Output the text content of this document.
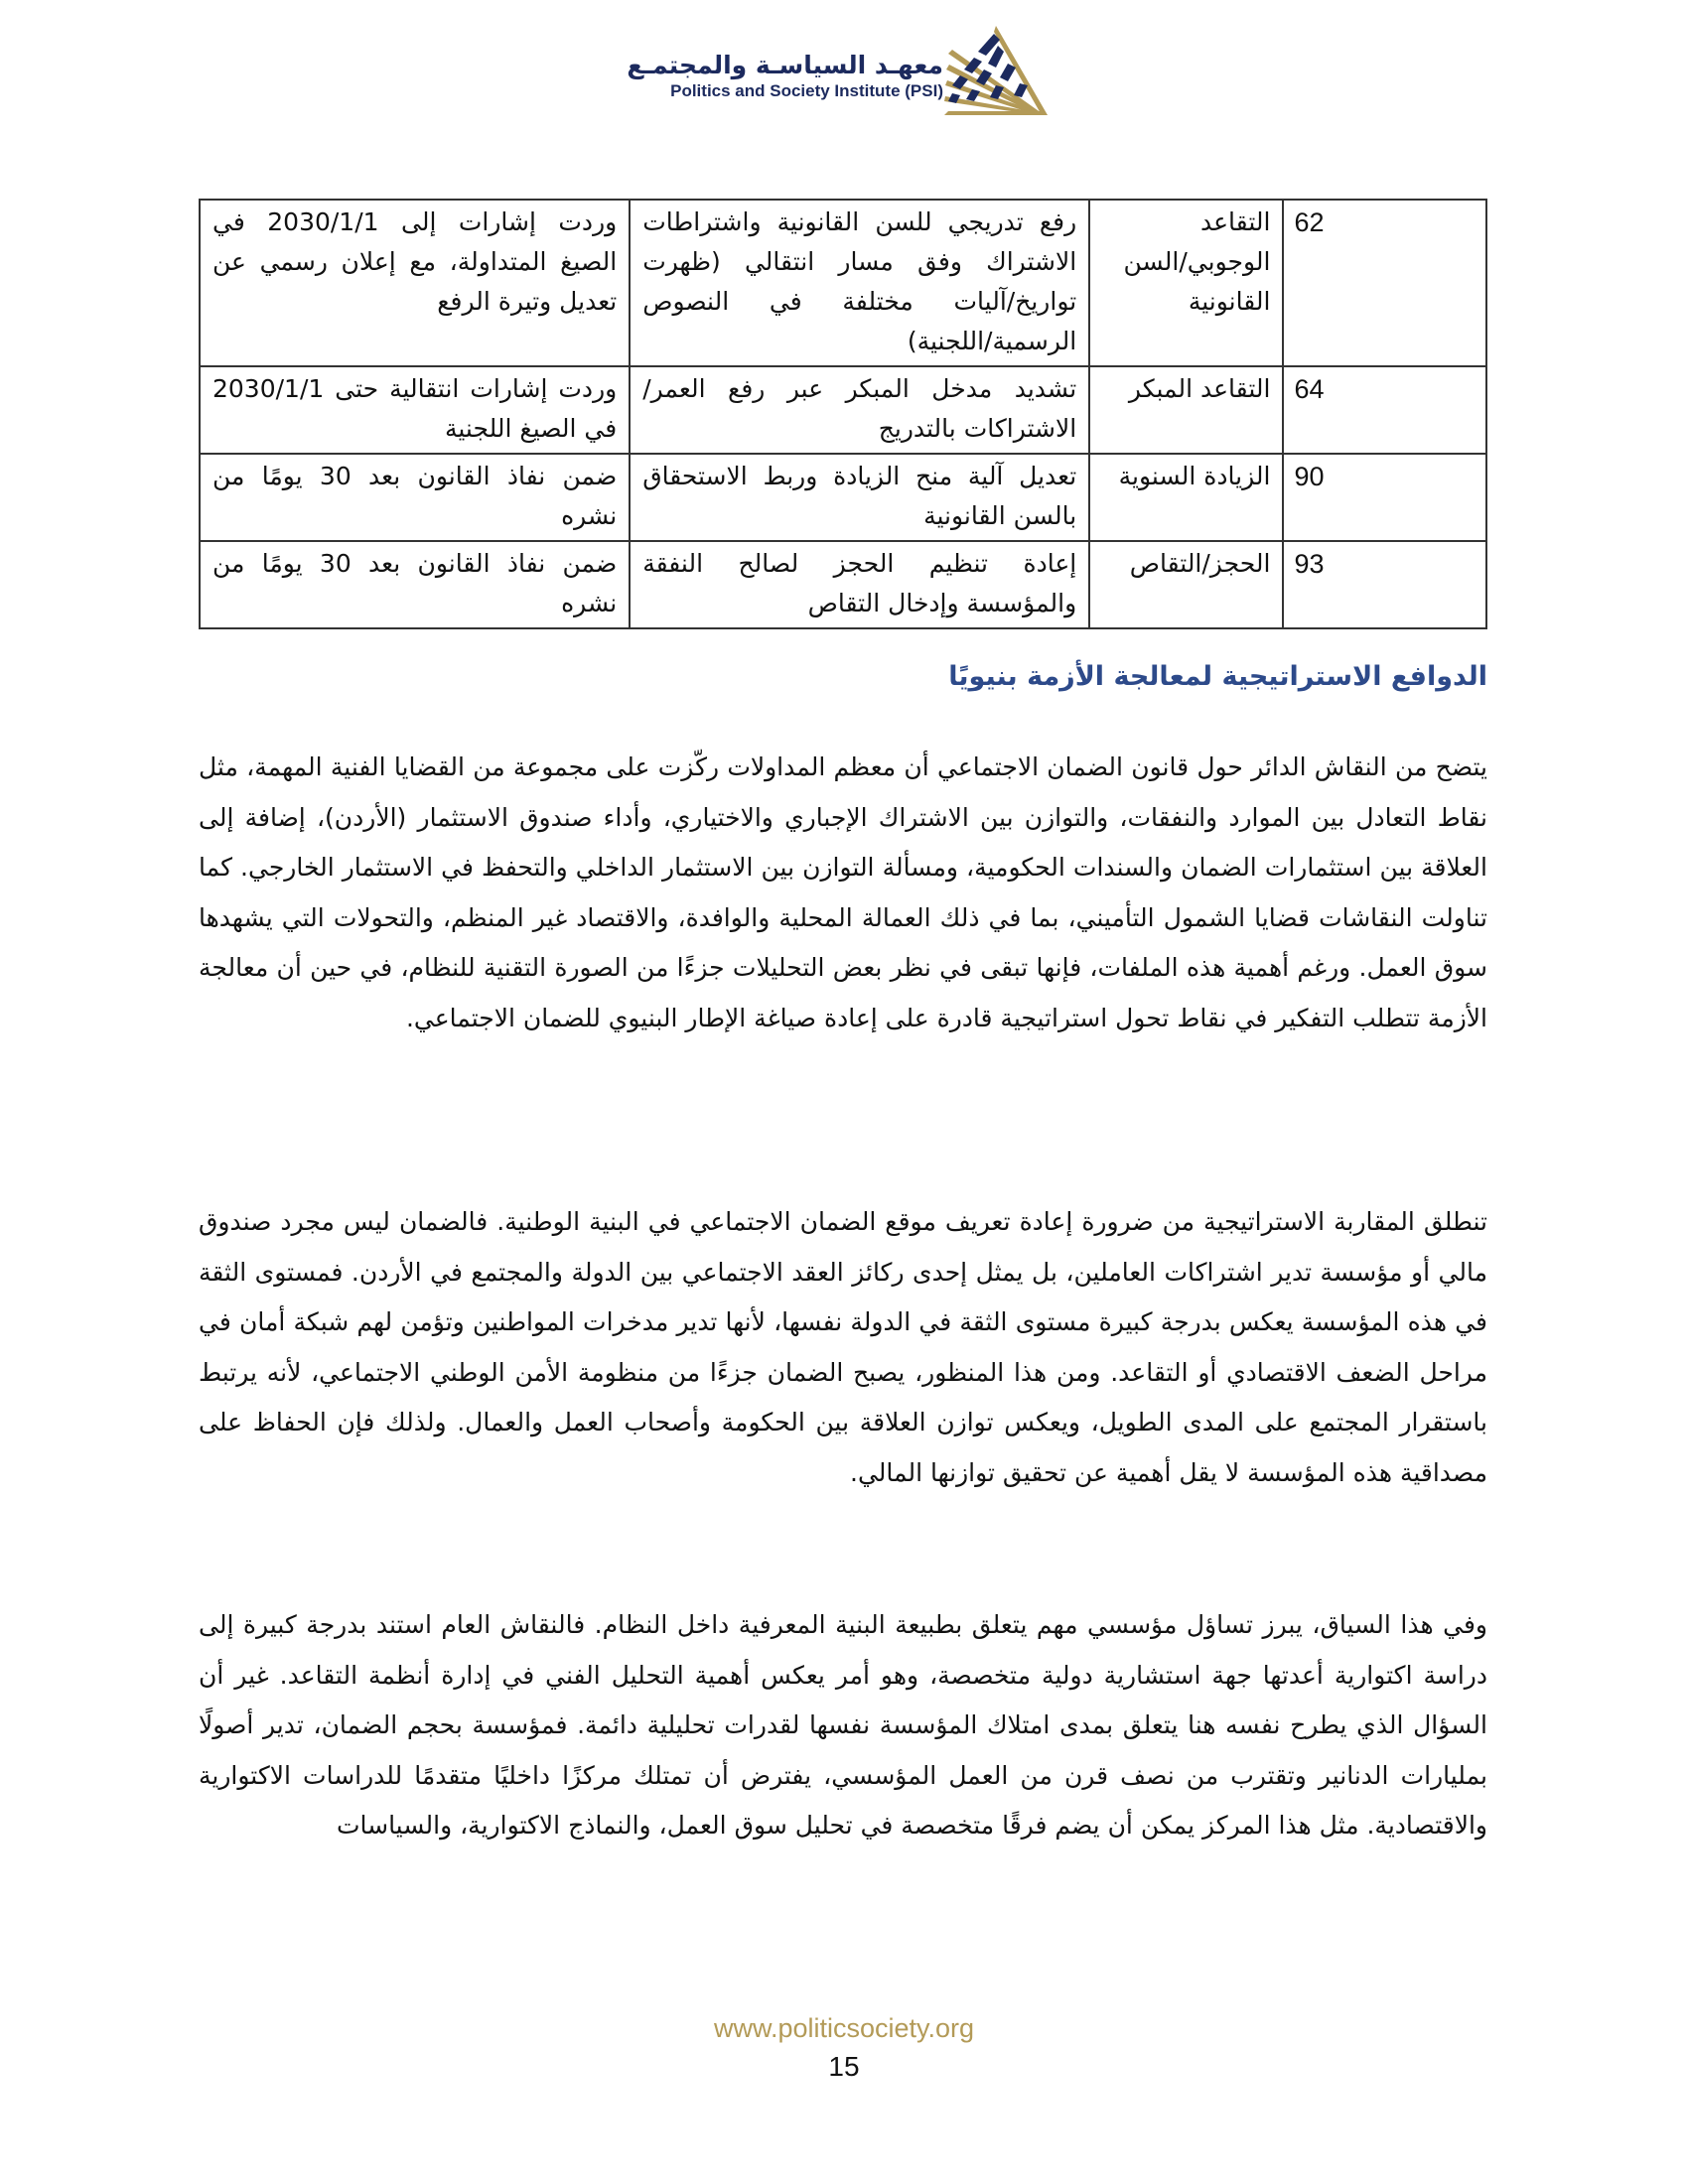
معهـد السياسـة والمجتمـع
Politics and Society Institute (PSI)
62	التقاعد الوجوبي/السن القانونية	رفع تدريجي للسن القانونية واشتراطات الاشتراك وفق مسار انتقالي (ظهرت تواريخ/آليات مختلفة في النصوص الرسمية/اللجنية)	وردت إشارات إلى 2030/1/1 في الصيغ المتداولة، مع إعلان رسمي عن تعديل وتيرة الرفع
64	التقاعد المبكر	تشديد مدخل المبكر عبر رفع العمر/الاشتراكات بالتدريج	وردت إشارات انتقالية حتى 2030/1/1 في الصيغ اللجنية
90	الزيادة السنوية	تعديل آلية منح الزيادة وربط الاستحقاق بالسن القانونية	ضمن نفاذ القانون بعد 30 يومًا من نشره
93	الحجز/التقاص	إعادة تنظيم الحجز لصالح النفقة والمؤسسة وإدخال التقاص	ضمن نفاذ القانون بعد 30 يومًا من نشره
الدوافع الاستراتيجية لمعالجة الأزمة بنيويًا

يتضح من النقاش الدائر حول قانون الضمان الاجتماعي أن معظم المداولات ركّزت على مجموعة من القضايا الفنية المهمة، مثل نقاط التعادل بين الموارد والنفقات، والتوازن بين الاشتراك الإجباري والاختياري، وأداء صندوق الاستثمار (الأردن)، إضافة إلى العلاقة بين استثمارات الضمان والسندات الحكومية، ومسألة التوازن بين الاستثمار الداخلي والتحفظ في الاستثمار الخارجي. كما تناولت النقاشات قضايا الشمول التأميني، بما في ذلك العمالة المحلية والوافدة، والاقتصاد غير المنظم، والتحولات التي يشهدها سوق العمل. ورغم أهمية هذه الملفات، فإنها تبقى في نظر بعض التحليلات جزءًا من الصورة التقنية للنظام، في حين أن معالجة الأزمة تتطلب التفكير في نقاط تحول استراتيجية قادرة على إعادة صياغة الإطار البنيوي للضمان الاجتماعي.

تنطلق المقاربة الاستراتيجية من ضرورة إعادة تعريف موقع الضمان الاجتماعي في البنية الوطنية. فالضمان ليس مجرد صندوق مالي أو مؤسسة تدير اشتراكات العاملين، بل يمثل إحدى ركائز العقد الاجتماعي بين الدولة والمجتمع في الأردن. فمستوى الثقة في هذه المؤسسة يعكس بدرجة كبيرة مستوى الثقة في الدولة نفسها، لأنها تدير مدخرات المواطنين وتؤمن لهم شبكة أمان في مراحل الضعف الاقتصادي أو التقاعد. ومن هذا المنظور، يصبح الضمان جزءًا من منظومة الأمن الوطني الاجتماعي، لأنه يرتبط باستقرار المجتمع على المدى الطويل، ويعكس توازن العلاقة بين الحكومة وأصحاب العمل والعمال. ولذلك فإن الحفاظ على مصداقية هذه المؤسسة لا يقل أهمية عن تحقيق توازنها المالي.

وفي هذا السياق، يبرز تساؤل مؤسسي مهم يتعلق بطبيعة البنية المعرفية داخل النظام. فالنقاش العام استند بدرجة كبيرة إلى دراسة اكتوارية أعدتها جهة استشارية دولية متخصصة، وهو أمر يعكس أهمية التحليل الفني في إدارة أنظمة التقاعد. غير أن السؤال الذي يطرح نفسه هنا يتعلق بمدى امتلاك المؤسسة نفسها لقدرات تحليلية دائمة. فمؤسسة بحجم الضمان، تدير أصولًا بمليارات الدنانير وتقترب من نصف قرن من العمل المؤسسي، يفترض أن تمتلك مركزًا داخليًا متقدمًا للدراسات الاكتوارية والاقتصادية. مثل هذا المركز يمكن أن يضم فرقًا متخصصة في تحليل سوق العمل، والنماذج الاكتوارية، والسياسات

www.politicsociety.org
15
